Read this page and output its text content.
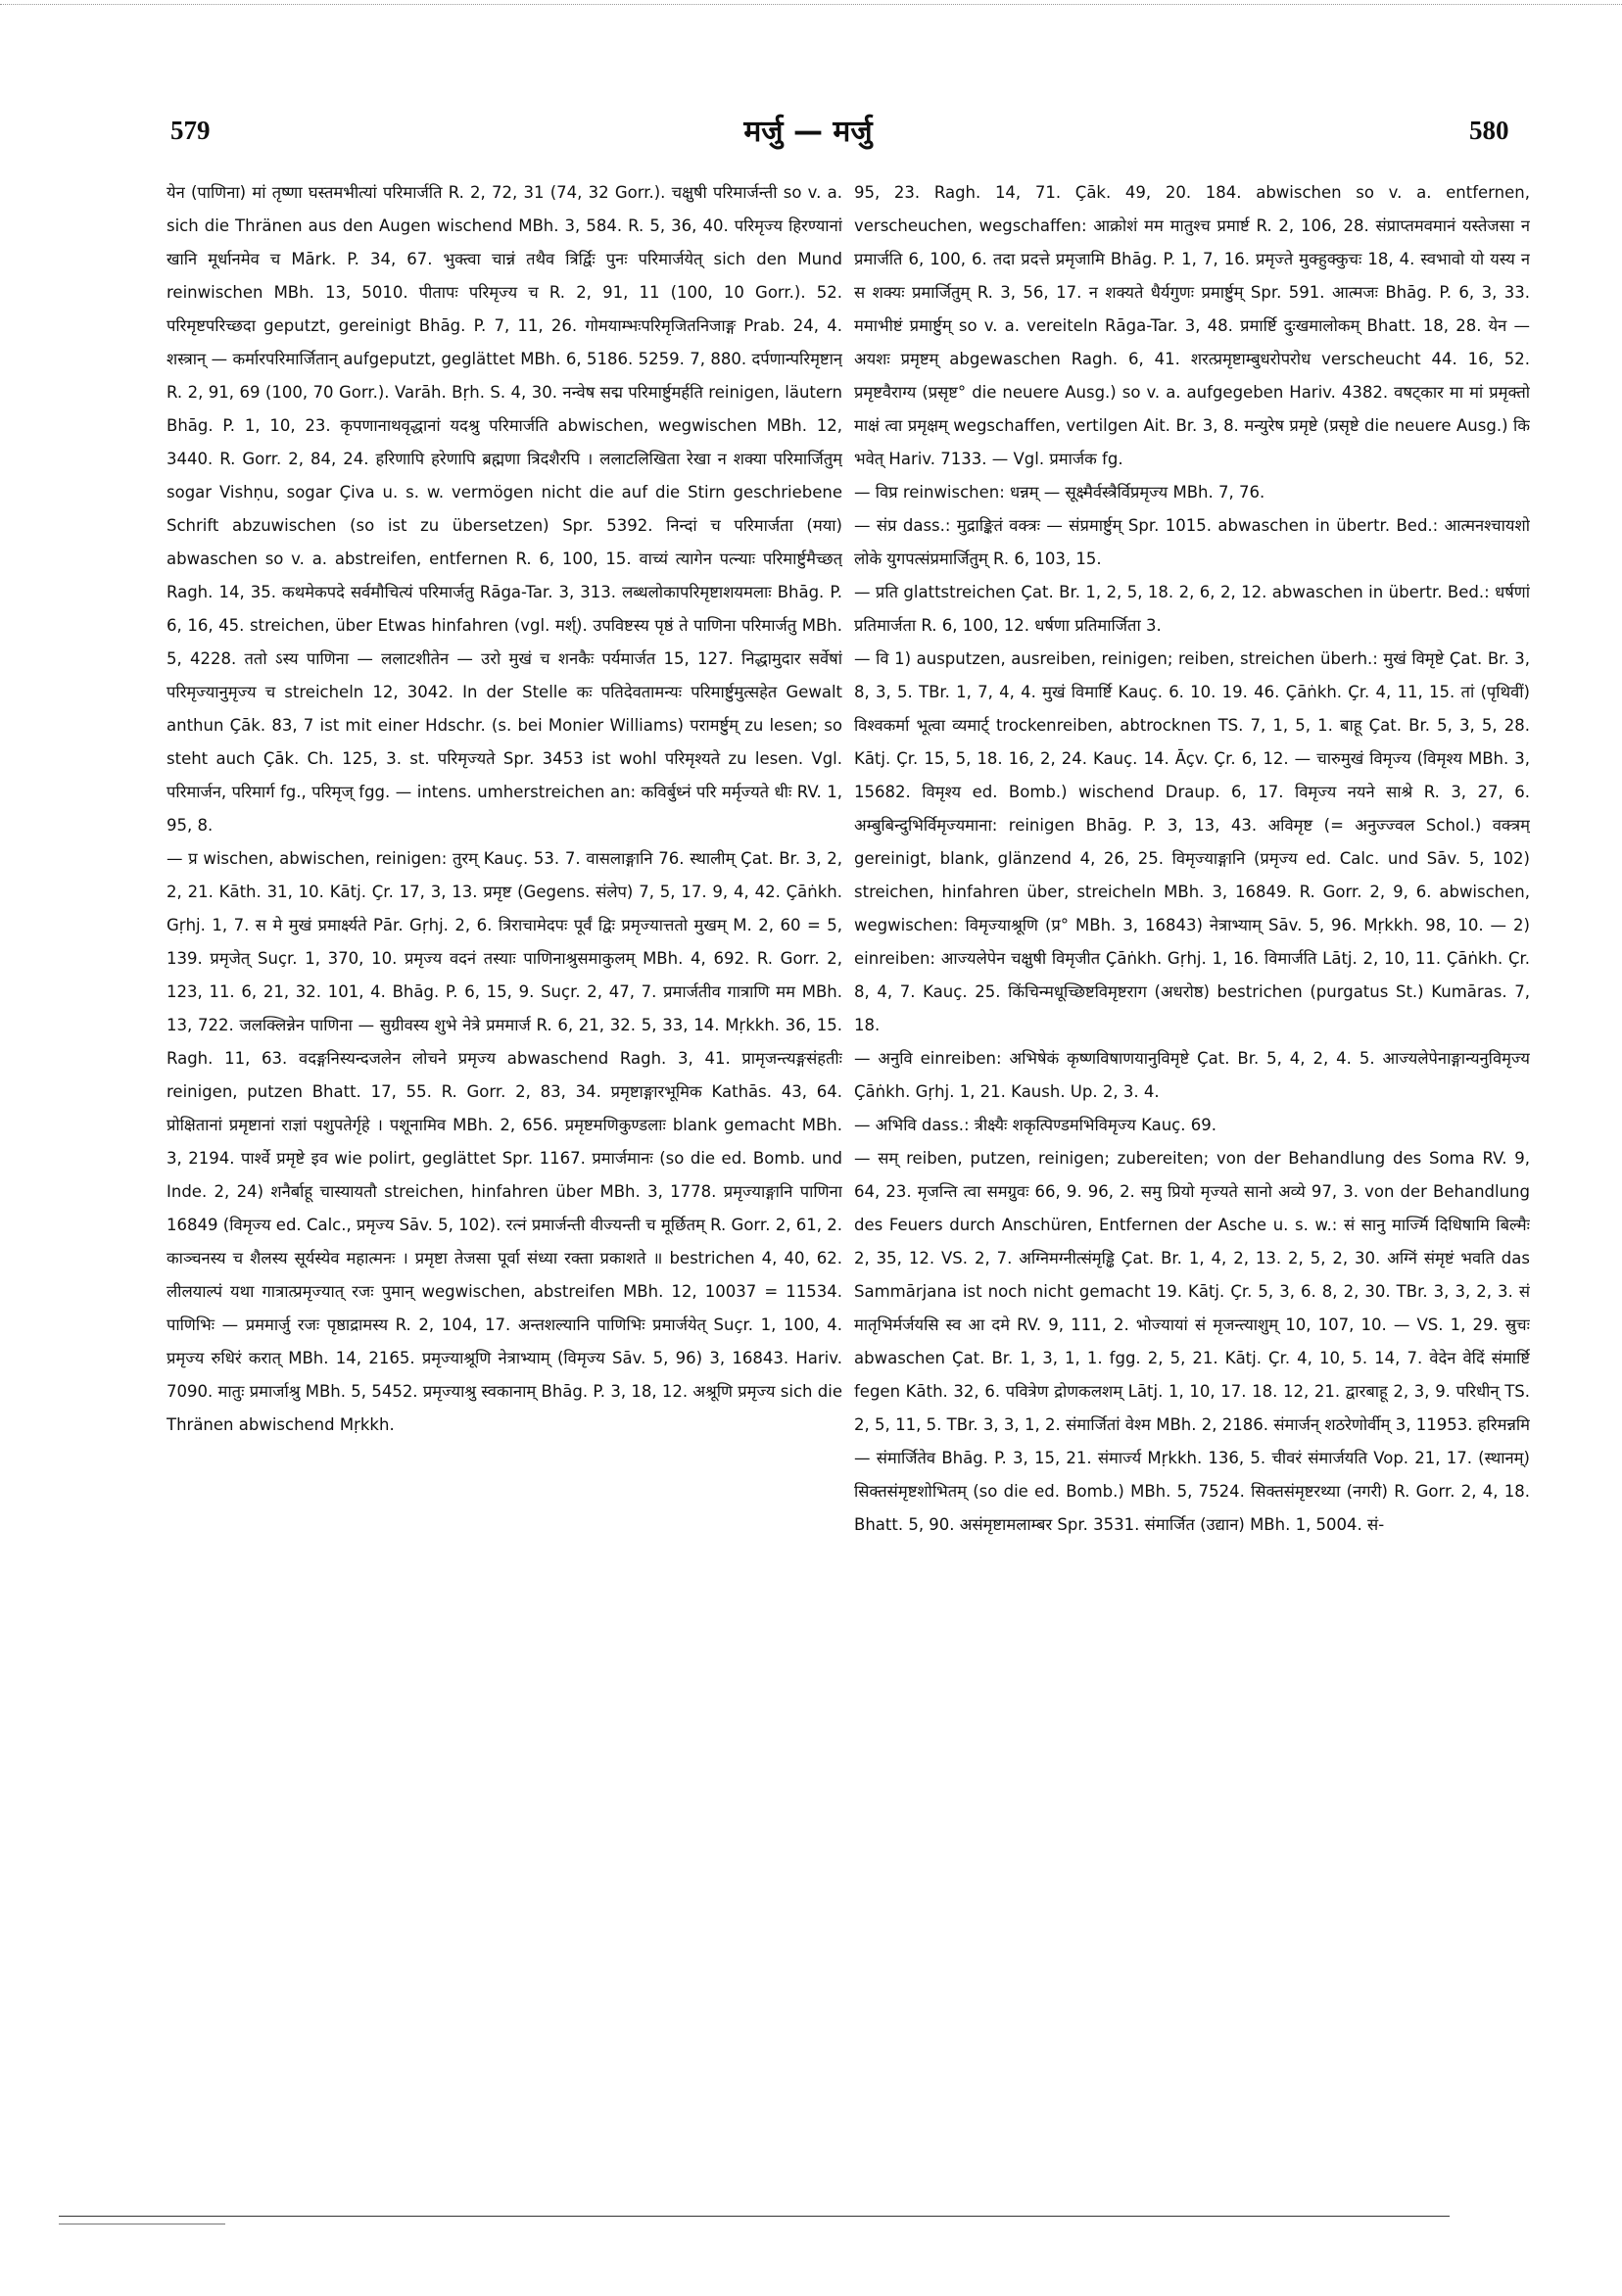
579	मर्जु — मर्जु	580

येन (पाणिना) मां तृष्णा घस्तमभीत्यां परिमार्जति R. 2, 72, 31 (74, 32 Gorr.). चक्षुषी परिमार्जन्ती so v. a. sich die Thränen aus den Augen wischend MBh. 3, 584. R. 5, 36, 40. परिमृज्य हिरण्यानां खानि मूर्धानमेव च Mārk. P. 34, 67. भुक्त्वा चान्नं तथैव त्रिर्द्विः पुनः परिमार्जयेत् sich den Mund reinwischen MBh. 13, 5010. पीतापः परिमृज्य च R. 2, 91, 11 (100, 10 Gorr.). 52. परिमृष्टपरिच्छदा geputzt, gereinigt Bhāg. P. 7, 11, 26. गोमयाम्भःपरिमृजितनिजाङ्ग Prab. 24, 4. शस्त्रान् — कर्मारपरिमार्जितान् aufgeputzt, geglättet MBh. 6, 5186. 5259. 7, 880. दर्पणान्परिमृष्टान् R. 2, 91, 69 (100, 70 Gorr.). Varāh. Bṛh. S. 4, 30. नन्वेष सद्म परिमार्ष्टुमर्हति reinigen, läutern Bhāg. P. 1, 10, 23. कृपणानाथवृद्धानां यदश्रु परिमार्जति abwischen, wegwischen MBh. 12, 3440. R. Gorr. 2, 84, 24. हरिणापि हरेणापि ब्रह्मणा त्रिदशैरपि । ललाटलिखिता रेखा न शक्या परिमार्जितुम् sogar Vishṇu, sogar Çiva u. s. w. vermögen nicht die auf die Stirn geschriebene Schrift abzuwischen (so ist zu übersetzen) Spr. 5392. निन्दां च परिमार्जता (मया) abwaschen so v. a. abstreifen, entfernen R. 6, 100, 15. वाच्यं त्यागेन पत्न्याः परिमार्ष्टुमैच्छत् Ragh. 14, 35. कथमेकपदे सर्वमौचित्यं परिमार्जतु Rāga-Tar. 3, 313. लब्धलोकापरिमृष्टाशयमलाः Bhāg. P. 6, 16, 45. streichen, über Etwas hinfahren (vgl. मर्श्). उपविष्टस्य पृष्ठं ते पाणिना परिमार्जतु MBh. 5, 4228. ततो ऽस्य पाणिना — ललाटशीतेन — उरो मुखं च शनकैः पर्यमार्जत 15, 127. निद्धामुदार सर्वेषां परिमृज्यानुमृज्य च streicheln 12, 3042. In der Stelle कः पतिदेवतामन्यः परिमार्ष्टुमुत्सहेत Gewalt anthun Çāk. 83, 7 ist mit einer Hdschr. (s. bei Monier Williams) परामर्ष्टुम् zu lesen; so steht auch Çāk. Ch. 125, 3. st. परिमृज्यते Spr. 3453 ist wohl परिमृश्यते zu lesen. Vgl. परिमार्जन, परिमार्ग fg., परिमृज् fgg. — intens. umherstreichen an: कविर्बुध्नं परि मर्मृज्यते धीः RV. 1, 95, 8.

— प्र wischen, abwischen, reinigen: तुरम् Kauç. 53. 7. वासलाङ्गानि 76. स्थालीम् Çat. Br. 3, 2, 2, 21. Kāth. 31, 10. Kātj. Çr. 17, 3, 13. प्रमृष्ट (Gegens. संलेप) 7, 5, 17. 9, 4, 42. Çāṅkh. Gṛhj. 1, 7. स मे मुखं प्रमार्क्ष्यते Pār. Gṛhj. 2, 6. त्रिराचामेदपः पूर्वं द्विः प्रमृज्यात्ततो मुखम् M. 2, 60 = 5, 139. प्रमृजेत् Suçr. 1, 370, 10. प्रमृज्य वदनं तस्याः पाणिनाश्रुसमाकुलम् MBh. 4, 692. R. Gorr. 2, 123, 11. 6, 21, 32. 101, 4. Bhāg. P. 6, 15, 9. Suçr. 2, 47, 7. प्रमार्जतीव गात्राणि मम MBh. 13, 722. जलक्लिन्नेन पाणिना — सुग्रीवस्य शुभे नेत्रे प्रममार्ज R. 6, 21, 32. 5, 33, 14. Mṛkkh. 36, 15. Ragh. 11, 63. वदङ्गनिस्यन्दजलेन लोचने प्रमृज्य abwaschend Ragh. 3, 41. प्रामृजन्त्यङ्गसंहतीः reinigen, putzen Bhatt. 17, 55. R. Gorr. 2, 83, 34. प्रमृष्टाङ्गारभूमिक Kathās. 43, 64. प्रोक्षितानां प्रमृष्टानां राज्ञां पशुपतेर्गृहे । पशूनामिव MBh. 2, 656. प्रमृष्टमणिकुण्डलाः blank gemacht MBh. 3, 2194. पार्श्वे प्रमृष्टे इव wie polirt, geglättet Spr. 1167. प्रमार्जमानः (so die ed. Bomb. und Inde. 2, 24) शनैर्बाहू चास्यायतौ streichen, hinfahren über MBh. 3, 1778. प्रमृज्याङ्गानि पाणिना 16849 (विमृज्य ed. Calc., प्रमृज्य Sāv. 5, 102). रत्नं प्रमार्जन्ती वीज्यन्ती च मूर्छितम् R. Gorr. 2, 61, 2. काञ्चनस्य च शैलस्य सूर्यस्येव महात्मनः । प्रमृष्टा तेजसा पूर्वा संध्या रक्ता प्रकाशते ॥ bestrichen 4, 40, 62. लीलयाल्पं यथा गात्रात्प्रमृज्यात् रजः पुमान् wegwischen, abstreifen MBh. 12, 10037 = 11534. पाणिभिः — प्रममार्जु रजः पृष्ठाद्रामस्य R. 2, 104, 17. अन्तशल्यानि पाणिभिः प्रमार्जयेत् Suçr. 1, 100, 4. प्रमृज्य रुधिरं करात् MBh. 14, 2165. प्रमृज्याश्रूणि नेत्राभ्याम् (विमृज्य Sāv. 5, 96) 3, 16843. Hariv. 7090. मातुः प्रमार्जाश्रु MBh. 5, 5452. प्रमृज्याश्रु स्वकानाम् Bhāg. P. 3, 18, 12. अश्रूणि प्रमृज्य sich die Thränen abwischend Mṛkkh.

95, 23. Ragh. 14, 71. Çāk. 49, 20. 184. abwischen so v. a. entfernen, verscheuchen, wegschaffen: आक्रोशं मम मातुश्च प्रमार्ष्ट R. 2, 106, 28. संप्राप्तमवमानं यस्तेजसा न प्रमार्जति 6, 100, 6. तदा प्रदत्ते प्रमृजामि Bhāg. P. 1, 7, 16. प्रमृज्ते मुक्हुक्कुचः 18, 4. स्वभावो यो यस्य न स शक्यः प्रमार्जितुम् R. 3, 56, 17. न शक्यते धैर्यगुणः प्रमार्ष्टुम् Spr. 591. आत्मजः Bhāg. P. 6, 3, 33. ममाभीष्टं प्रमार्ष्टुम् so v. a. vereiteln Rāga-Tar. 3, 48. प्रमार्ष्टि दुःखमालोकम् Bhatt. 18, 28. येन — अयशः प्रमृष्टम् abgewaschen Ragh. 6, 41. शरत्प्रमृष्टाम्बुधरोपरोध verscheucht 44. 16, 52. प्रमृष्टवैराग्य (प्रसृष्ट° die neuere Ausg.) so v. a. aufgegeben Hariv. 4382. वषट्कार मा मां प्रमृक्तो माक्षं त्वा प्रमृक्षम् wegschaffen, vertilgen Ait. Br. 3, 8. मन्युरेष प्रमृष्टे (प्रसृष्टे die neuere Ausg.) कि भवेत् Hariv. 7133. — Vgl. प्रमार्जक fg.

— विप्र reinwischen: धन्नम् — सूक्ष्मैर्वस्त्रैर्विप्रमृज्य MBh. 7, 76.

— संप्र dass.: मुद्राङ्कितं वक्त्रः — संप्रमार्ष्टुम् Spr. 1015. abwaschen in übertr. Bed.: आत्मनश्चायशो लोके युगपत्संप्रमार्जितुम् R. 6, 103, 15.

— प्रति glattstreichen Çat. Br. 1, 2, 5, 18. 2, 6, 2, 12. abwaschen in übertr. Bed.: धर्षणां प्रतिमार्जता R. 6, 100, 12. धर्षणा प्रतिमार्जिता 3.

— वि 1) ausputzen, ausreiben, reinigen; reiben, streichen überh.: मुखं विमृष्टे Çat. Br. 3, 8, 3, 5. TBr. 1, 7, 4, 4. मुखं विमार्ष्टि Kauç. 6. 10. 19. 46. Çāṅkh. Çr. 4, 11, 15. तां (पृथिवीं) विश्वकर्मा भूत्वा व्यमार्ट् trockenreiben, abtrocknen TS. 7, 1, 5, 1. बाहू Çat. Br. 5, 3, 5, 28. Kātj. Çr. 15, 5, 18. 16, 2, 24. Kauç. 14. Āçv. Çr. 6, 12. — चारुमुखं विमृज्य (विमृश्य MBh. 3, 15682. विमृश्य ed. Bomb.) wischend Draup. 6, 17. विमृज्य नयने साश्रे R. 3, 27, 6. अम्बुबिन्दुभिर्विमृज्यमाना: reinigen Bhāg. P. 3, 13, 43. अविमृष्ट (= अनुज्ज्वल Schol.) वक्त्रम् gereinigt, blank, glänzend 4, 26, 25. विमृज्याङ्गानि (प्रमृज्य ed. Calc. und Sāv. 5, 102) streichen, hinfahren über, streicheln MBh. 3, 16849. R. Gorr. 2, 9, 6. abwischen, wegwischen: विमृज्याश्रूणि (प्र° MBh. 3, 16843) नेत्राभ्याम् Sāv. 5, 96. Mṛkkh. 98, 10. — 2) einreiben: आज्यलेपेन चक्षुषी विमृजीत Çāṅkh. Gṛhj. 1, 16. विमार्जति Lātj. 2, 10, 11. Çāṅkh. Çr. 8, 4, 7. Kauç. 25. किंचिन्मधूच्छिष्टविमृष्टराग (अधरोष्ठ) bestrichen (purgatus St.) Kumāras. 7, 18.

— अनुवि einreiben: अभिषेकं कृष्णविषाणयानुविमृष्टे Çat. Br. 5, 4, 2, 4. 5. आज्यलेपेनाङ्गान्यनुविमृज्य Çāṅkh. Gṛhj. 1, 21. Kaush. Up. 2, 3. 4.

— अभिवि dass.: त्रीक्ष्यैः शकृत्पिण्डमभिविमृज्य Kauç. 69.

— सम् reiben, putzen, reinigen; zubereiten; von der Behandlung des Soma RV. 9, 64, 23. मृजन्ति त्वा समग्रुवः 66, 9. 96, 2. समु प्रियो मृज्यते सानो अव्ये 97, 3. von der Behandlung des Feuers durch Anschüren, Entfernen der Asche u. s. w.: सं सानु मार्ज्मि दिधिषामि बिल्मैः 2, 35, 12. VS. 2, 7. अग्निमग्नीत्संमृड्ढि Çat. Br. 1, 4, 2, 13. 2, 5, 2, 30. अग्निं संमृष्टं भवति das Sammārjana ist noch nicht gemacht 19. Kātj. Çr. 5, 3, 6. 8, 2, 30. TBr. 3, 3, 2, 3. सं मातृभिर्मर्जयसि स्व आ दमे RV. 9, 111, 2. भोज्यायां सं मृजन्त्याशुम् 10, 107, 10. — VS. 1, 29. स्रुचः abwaschen Çat. Br. 1, 3, 1, 1. fgg. 2, 5, 21. Kātj. Çr. 4, 10, 5. 14, 7. वेदेन वेदिं संमार्ष्टि fegen Kāth. 32, 6. पवित्रेण द्रोणकलशम् Lātj. 1, 10, 17. 18. 12, 21. द्वारबाहू 2, 3, 9. परिधीन् TS. 2, 5, 11, 5. TBr. 3, 3, 1, 2. संमार्जितां वेश्म MBh. 2, 2186. संमार्जन् शठरेणोर्वीम् 3, 11953. हरिमन्नमि — संमार्जितेव Bhāg. P. 3, 15, 21. संमार्ज्य Mṛkkh. 136, 5. चीवरं संमार्जयति Vop. 21, 17. (स्थानम्) सिक्तसंमृष्टशोभितम् (so die ed. Bomb.) MBh. 5, 7524. सिक्तसंमृष्टरथ्या (नगरी) R. Gorr. 2, 4, 18. Bhatt. 5, 90. असंमृष्टामलाम्बर Spr. 3531. संमार्जित (उद्यान) MBh. 1, 5004. सं-
